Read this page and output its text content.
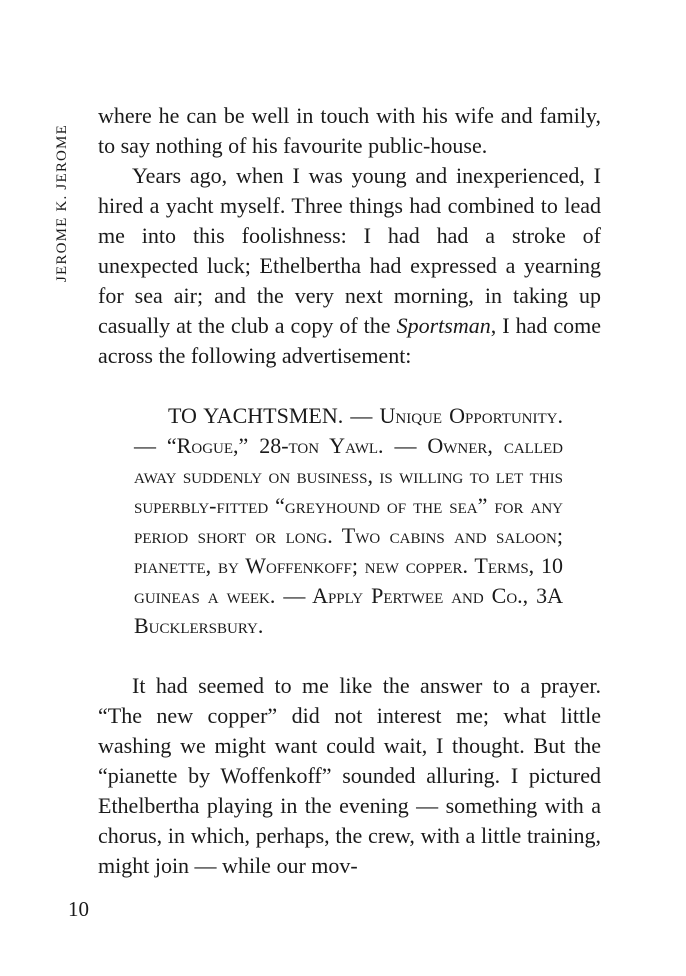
JEROME K. JEROME

where he can be well in touch with his wife and family, to say nothing of his favourite public-house.

Years ago, when I was young and inexperienced, I hired a yacht myself. Three things had combined to lead me into this foolishness: I had had a stroke of unexpected luck; Ethelbertha had expressed a yearning for sea air; and the very next morning, in taking up casually at the club a copy of the Sportsman, I had come across the following advertisement:

TO YACHTSMEN. — Unique Opportunity. — “Rogue,” 28-ton Yawl. — Owner, called away suddenly on business, is willing to let this superbly-fitted “greyhound of the sea” for any period short or long. Two cabins and saloon; pianette, by Woffenkoff; new copper. Terms, 10 guineas a week. — Apply Pertwee and Co., 3A Bucklersbury.

It had seemed to me like the answer to a prayer. “The new copper” did not interest me; what little washing we might want could wait, I thought. But the “pianette by Woffenkoff” sounded alluring. I pictured Ethelbertha playing in the evening — something with a chorus, in which, perhaps, the crew, with a little training, might join — while our mov-

10
